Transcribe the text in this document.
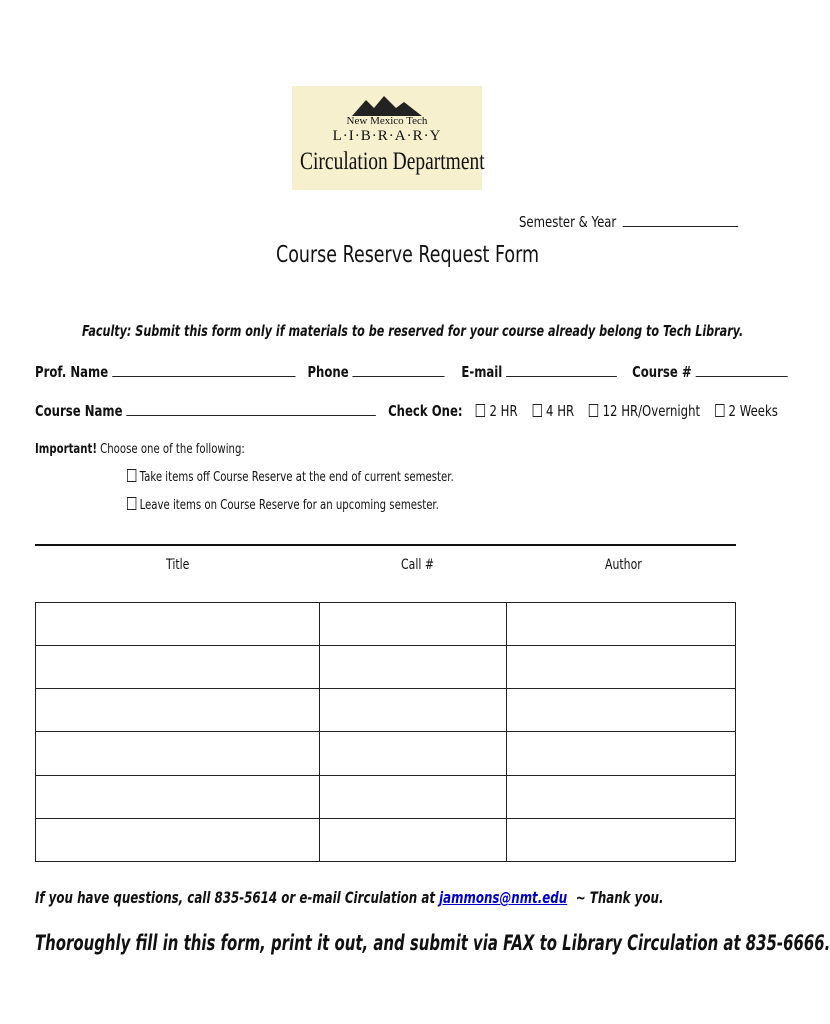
New Mexico Tech
L·I·B·R·A·R·Y
Circulation Department
Semester & Year
Course Reserve Request Form
Faculty: Submit this form only if materials to be reserved for your course already belong to Tech Library.
Prof. Name	Phone	E-mail	Course #
Course Name	Check One: 2 HR 4 HR 12 HR/Overnight 2 Weeks
Important! Choose one of the following:
Take items off Course Reserve at the end of current semester.
Leave items on Course Reserve for an upcoming semester.
Title	Call #	Author

If you have questions, call 835-5614 or e-mail Circulation at jammons@nmt.edu ~ Thank you.
Thoroughly fill in this form, print it out, and submit via FAX to Library Circulation at 835-6666.
